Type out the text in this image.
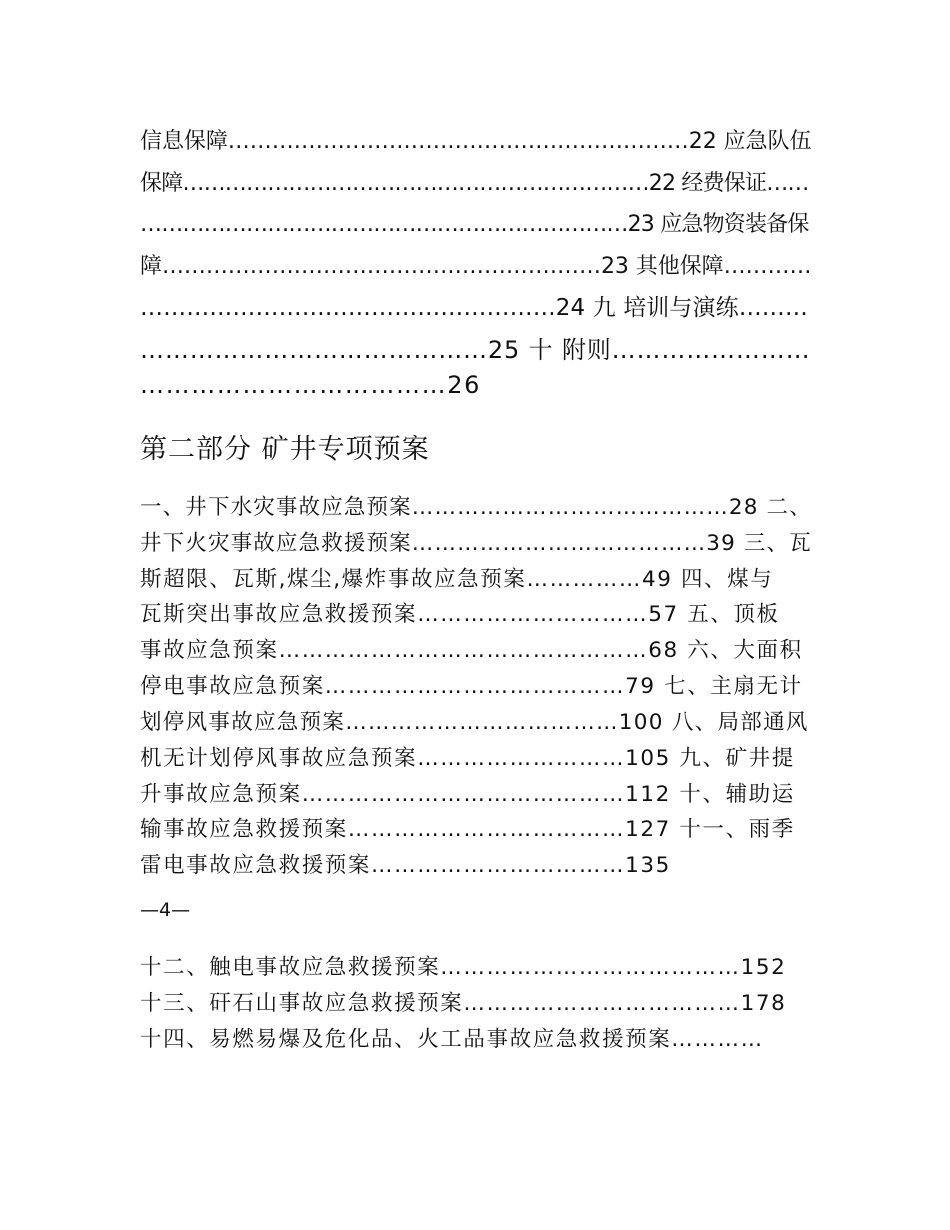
信息保障………………………………………………………22 应急队伍
保障…………………………………………………………22 经费保证……
……………………………………………………………23 应急物资装备保
障……………………………………………………23 其他保障…………
………………………………………………24 九 培训与演练………
……………………………………25 十 附则……………………
………………………………26
第二部分 矿井专项预案
一、井下水灾事故应急预案……………………………………28 二、
井下火灾事故应急救援预案…………………………………39 三、瓦
斯超限、瓦斯,煤尘,爆炸事故应急预案……………49 四、煤与
瓦斯突出事故应急救援预案…………………………57 五、顶板
事故应急预案…………………………………………68 六、大面积
停电事故应急预案…………………………………79 七、主扇无计
划停风事故应急预案………………………………100 八、局部通风
机无计划停风事故应急预案………………………105 九、矿井提
升事故应急预案……………………………………112 十、辅助运
输事故应急救援预案………………………………127 十一、雨季
雷电事故应急救援预案……………………………135
—4—
十二、触电事故应急救援预案…………………………………152
十三、矸石山事故应急救援预案………………………………178
十四、易燃易爆及危化品、火工品事故应急救援预案…………
